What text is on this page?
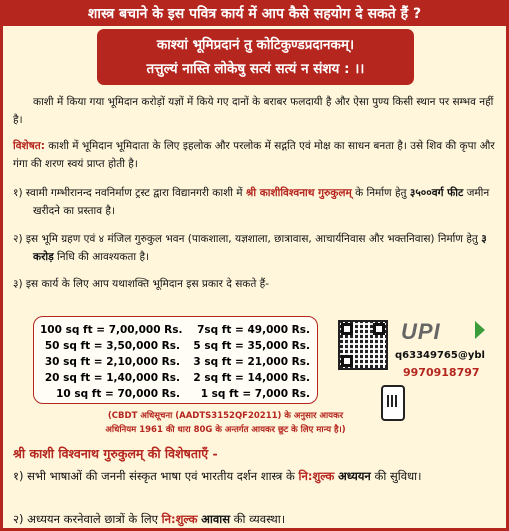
शास्त्र बचाने के इस पवित्र कार्य में आप कैसे सहयोग दे सकते हैं ?
काश्यां भूमिप्रदानं तु कोटिकुण्डप्रदानकम्।
तत्तुल्यं नास्ति लोकेषु सत्यं सत्यं न संशय : ।।
काशी में किया गया भूमिदान करोड़ों यज्ञों में किये गए दानों के बराबर फलदायी है और ऐसा पुण्य किसी स्थान पर सम्भव नहीं है।
विशेषत: काशी में भूमिदान भूमिदाता के लिए इहलोक और परलोक में सद्गति एवं मोक्ष का साधन बनता है। उसे शिव की कृपा और गंगा की शरण स्वयं प्राप्त होती है।
१) स्वामी गम्भीरानन्द नवनिर्माण ट्रस्ट द्वारा विद्यानगरी काशी में श्री काशीविश्वनाथ गुरुकुलम् के निर्माण हेतु ३५००वर्ग फीट जमीन खरीदने का प्रस्ताव है।
२) इस भूमि ग्रहण एवं ४ मंजिल गुरुकुल भवन (पाकशाला, यज्ञशाला, छात्रावास, आचार्यनिवास और भक्तनिवास) निर्माण हेतु ३ करोड़ निधि की आवश्यकता है।
३) इस कार्य के लिए आप यथाशक्ति भूमिदान इस प्रकार दे सकते हैं-
100 sq ft = 7,00,000 Rs.
50 sq ft = 3,50,000 Rs.
30 sq ft = 2,10,000 Rs.
20 sq ft = 1,40,000 Rs.
10 sq ft = 70,000 Rs.
7sq ft = 49,000 Rs.
5 sq ft = 35,000 Rs.
3 sq ft = 21,000 Rs.
2 sq ft = 14,000 Rs.
1 sq ft = 7,000 Rs.
UPI
q63349765@ybl
9970918797
(CBDT अधिसूचना (AADTS3152QF20211) के अनुसार आयकर
अधिनियम 1961 की धारा 80G के अन्तर्गत आयकर छूट के लिए मान्य है।)
श्री काशी विश्वनाथ गुरुकुलम् की विशेषताएँ -
१) सभी भाषाओं की जननी संस्कृत भाषा एवं भारतीय दर्शन शास्त्र के नि:शुल्क अध्ययन की सुविधा।
२) अध्ययन करनेवाले छात्रों के लिए नि:शुल्क आवास की व्यवस्था।
